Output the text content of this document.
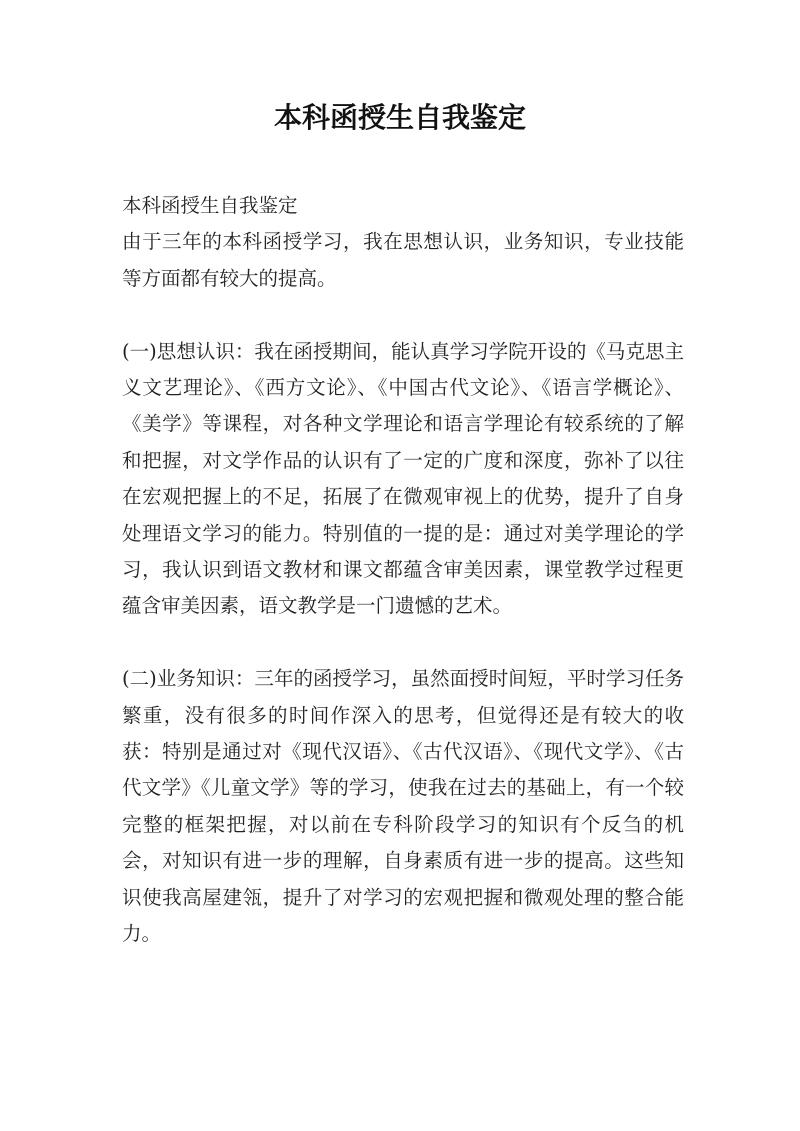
本科函授生自我鉴定

本科函授生自我鉴定

由于三年的本科函授学习，我在思想认识，业务知识，专业技能等方面都有较大的提高。

(一)思想认识：我在函授期间，能认真学习学院开设的《马克思主义文艺理论》、《西方文论》、《中国古代文论》、《语言学概论》、《美学》等课程，对各种文学理论和语言学理论有较系统的了解和把握，对文学作品的认识有了一定的广度和深度，弥补了以往在宏观把握上的不足，拓展了在微观审视上的优势，提升了自身处理语文学习的能力。特别值的一提的是：通过对美学理论的学习，我认识到语文教材和课文都蕴含审美因素，课堂教学过程更蕴含审美因素，语文教学是一门遗憾的艺术。

(二)业务知识：三年的函授学习，虽然面授时间短，平时学习任务繁重，没有很多的时间作深入的思考，但觉得还是有较大的收获：特别是通过对《现代汉语》、《古代汉语》、《现代文学》、《古代文学》《儿童文学》等的学习，使我在过去的基础上，有一个较完整的框架把握，对以前在专科阶段学习的知识有个反刍的机会，对知识有进一步的理解，自身素质有进一步的提高。这些知识使我高屋建瓴，提升了对学习的宏观把握和微观处理的整合能力。
